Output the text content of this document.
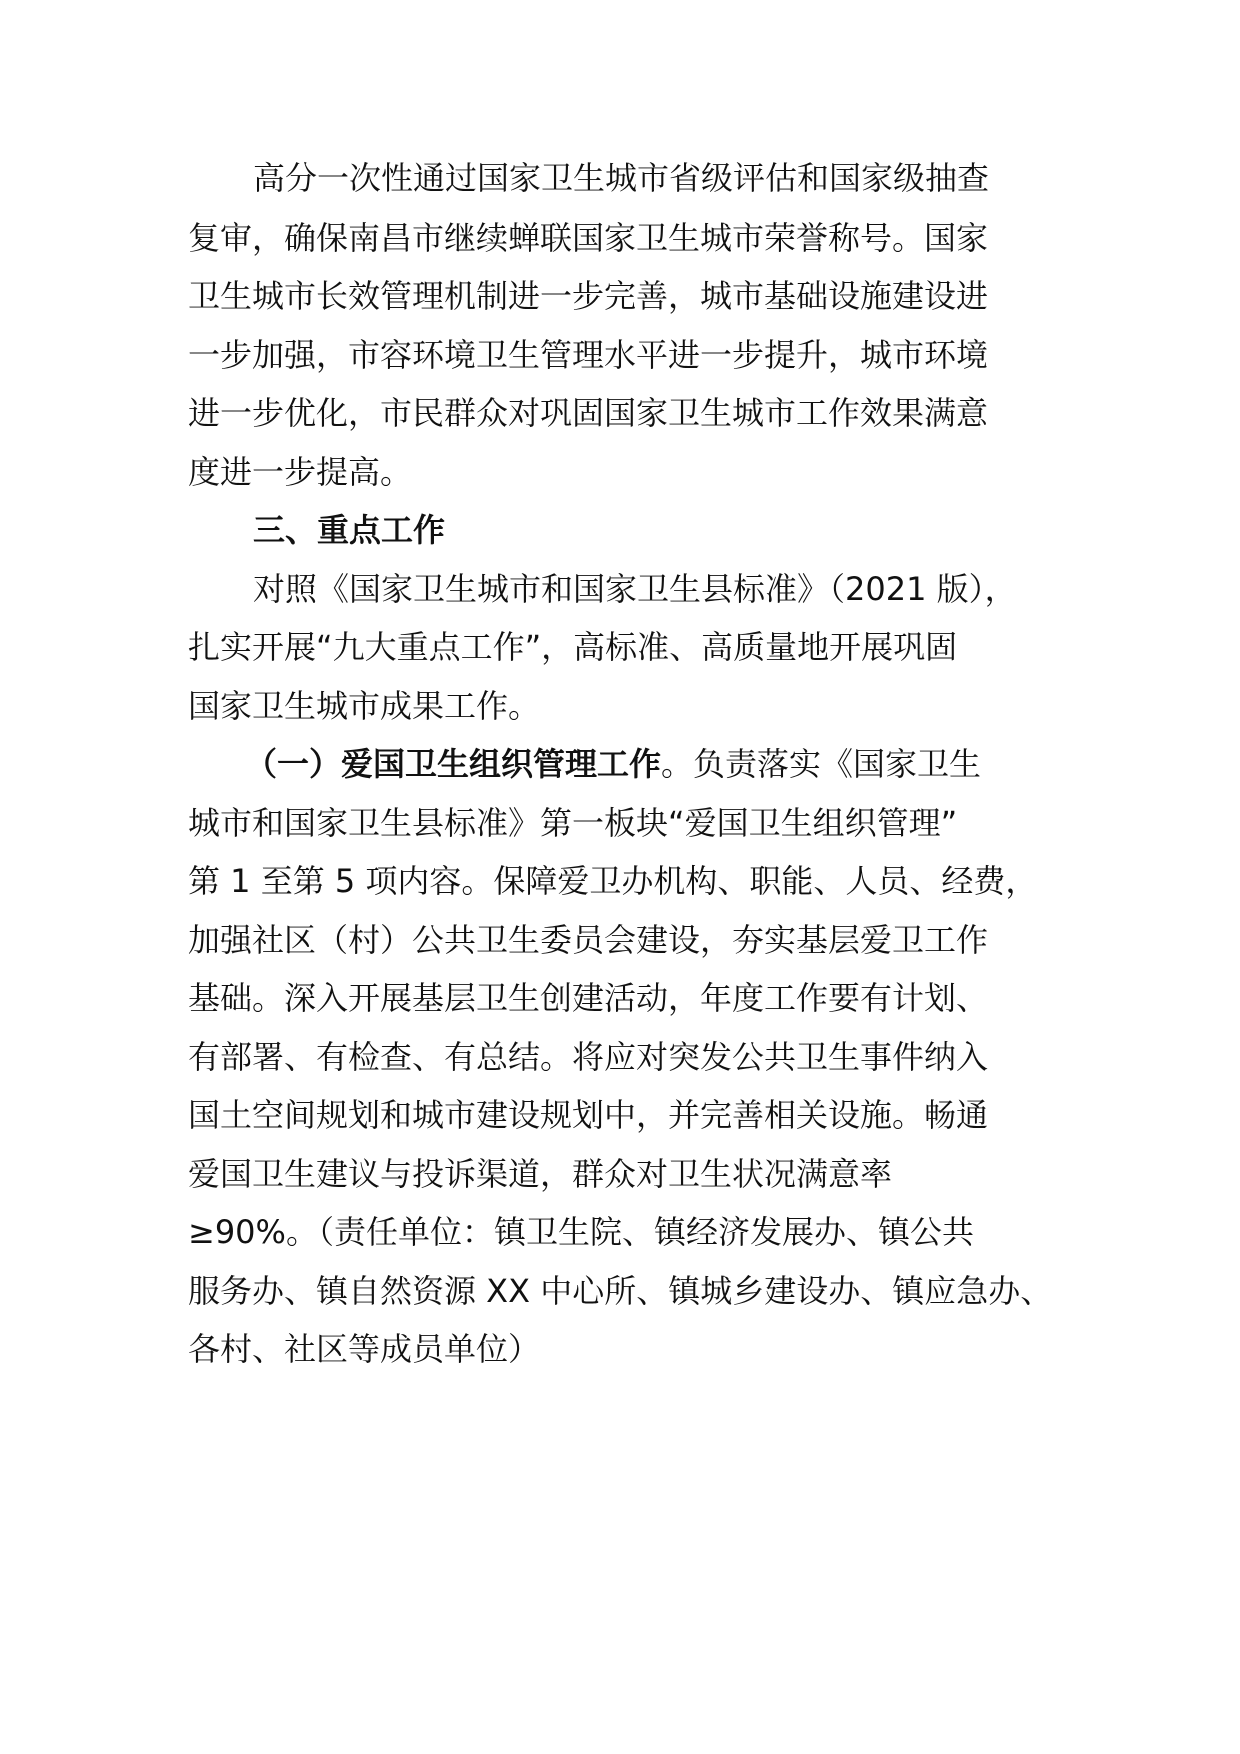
高分一次性通过国家卫生城市省级评估和国家级抽查
复审，确保南昌市继续蝉联国家卫生城市荣誉称号。国家
卫生城市长效管理机制进一步完善，城市基础设施建设进
一步加强，市容环境卫生管理水平进一步提升，城市环境
进一步优化，市民群众对巩固国家卫生城市工作效果满意
度进一步提高。
三、重点工作
对照《国家卫生城市和国家卫生县标准》（2021 版），
扎实开展“九大重点工作”，高标准、高质量地开展巩固
国家卫生城市成果工作。
（一）爱国卫生组织管理工作。负责落实《国家卫生
城市和国家卫生县标准》第一板块“爱国卫生组织管理”
第 1 至第 5 项内容。保障爱卫办机构、职能、人员、经费，
加强社区（村）公共卫生委员会建设，夯实基层爱卫工作
基础。深入开展基层卫生创建活动，年度工作要有计划、
有部署、有检查、有总结。将应对突发公共卫生事件纳入
国土空间规划和城市建设规划中，并完善相关设施。畅通
爱国卫生建议与投诉渠道，群众对卫生状况满意率
≥90%。（责任单位：镇卫生院、镇经济发展办、镇公共
服务办、镇自然资源 XX 中心所、镇城乡建设办、镇应急办、
各村、社区等成员单位）
